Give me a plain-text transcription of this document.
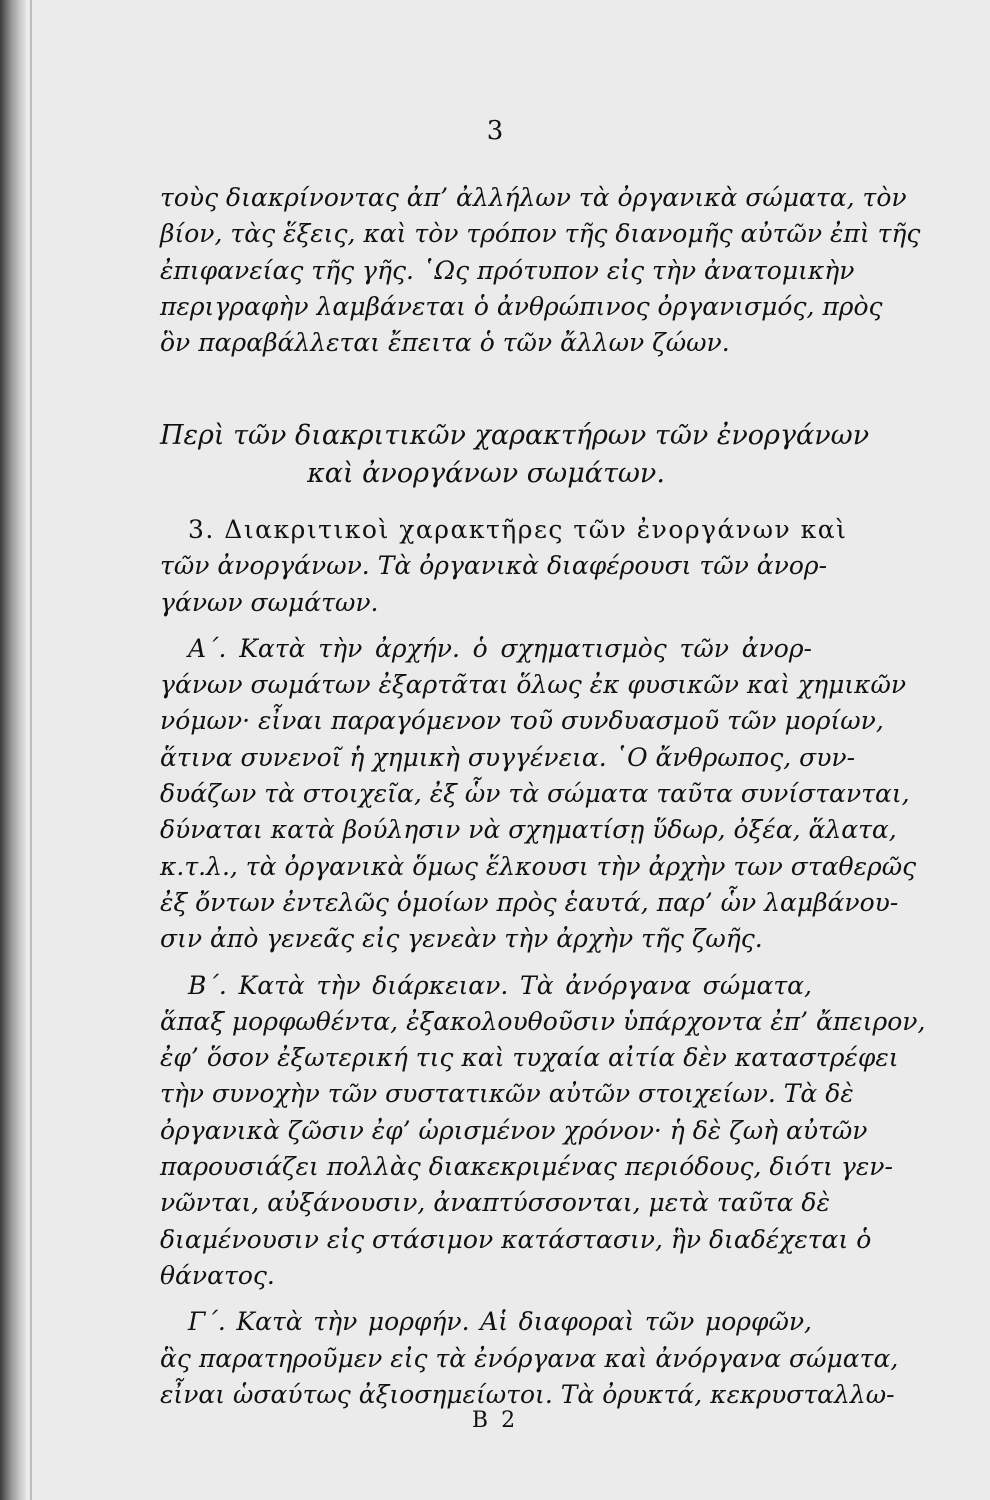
3
τοὺς διακρίνοντας ἀπ’ ἀλλήλων τὰ ὀργανικὰ σώματα, τὸν
βίον, τὰς ἕξεις, καὶ τὸν τρόπον τῆς διανομῆς αὐτῶν ἐπὶ τῆς
ἐπιφανείας τῆς γῆς. ῾Ως πρότυπον εἰς τὴν ἀνατομικὴν
περιγραφὴν λαμβάνεται ὁ ἀνθρώπινος ὀργανισμός, πρὸς
ὃν παραβάλλεται ἔπειτα ὁ τῶν ἄλλων ζώων.
Περὶ τῶν διακριτικῶν χαρακτήρων τῶν ἐνοργάνων
καὶ ἀνοργάνων σωμάτων.
3. Διακριτικοὶ χαρακτῆρες τῶν ἐνοργάνων καὶ
τῶν ἀνοργάνων. Τὰ ὀργανικὰ διαφέρουσι τῶν ἀνορ-
γάνων σωμάτων.
Α΄. Κατὰ τὴν ἀρχήν. ὁ σχηματισμὸς τῶν ἀνορ-
γάνων σωμάτων ἐξαρτᾶται ὅλως ἐκ φυσικῶν καὶ χημικῶν
νόμων· εἶναι παραγόμενον τοῦ συνδυασμοῦ τῶν μορίων,
ἅτινα συνενοῖ ἡ χημικὴ συγγένεια. ῾Ο ἄνθρωπος, συν-
δυάζων τὰ στοιχεῖα, ἐξ ὧν τὰ σώματα ταῦτα συνίστανται,
δύναται κατὰ βούλησιν νὰ σχηματίσῃ ὕδωρ, ὀξέα, ἅλατα,
κ.τ.λ., τὰ ὀργανικὰ ὅμως ἕλκουσι τὴν ἀρχὴν των σταθερῶς
ἐξ ὄντων ἐντελῶς ὁμοίων πρὸς ἑαυτά, παρ’ ὧν λαμβάνου-
σιν ἀπὸ γενεᾶς εἰς γενεὰν τὴν ἀρχὴν τῆς ζωῆς.
Β΄. Κατὰ τὴν διάρκειαν. Τὰ ἀνόργανα σώματα,
ἅπαξ μορφωθέντα, ἐξακολουθοῦσιν ὑπάρχοντα ἐπ’ ἄπειρον,
ἐφ’ ὅσον ἐξωτερική τις καὶ τυχαία αἰτία δὲν καταστρέφει
τὴν συνοχὴν τῶν συστατικῶν αὐτῶν στοιχείων. Τὰ δὲ
ὀργανικὰ ζῶσιν ἐφ’ ὡρισμένον χρόνον· ἡ δὲ ζωὴ αὐτῶν
παρουσιάζει πολλὰς διακεκριμένας περιόδους, διότι γεν-
νῶνται, αὐξάνουσιν, ἀναπτύσσονται, μετὰ ταῦτα δὲ
διαμένουσιν εἰς στάσιμον κατάστασιν, ἣν διαδέχεται ὁ
θάνατος.
Γ΄. Κατὰ τὴν μορφήν. Αἱ διαφοραὶ τῶν μορφῶν,
ἃς παρατηροῦμεν εἰς τὰ ἐνόργανα καὶ ἀνόργανα σώματα,
εἶναι ὡσαύτως ἀξιοσημείωτοι. Τὰ ὀρυκτά, κεκρυσταλλω-
Β 2
